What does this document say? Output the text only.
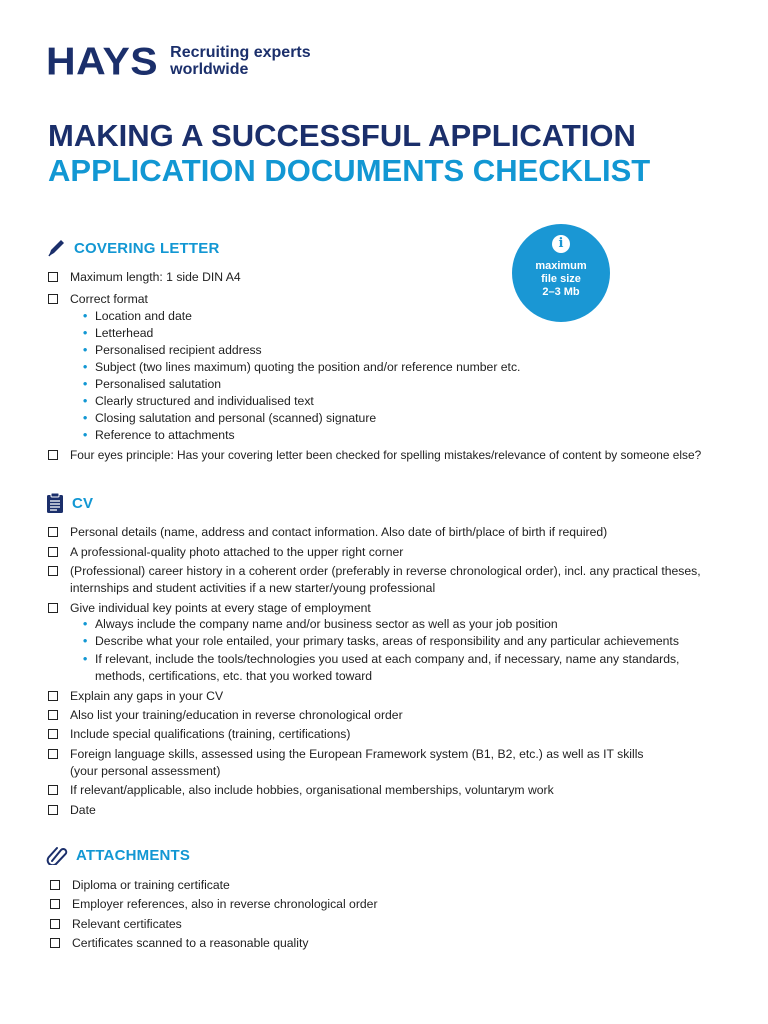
HAYS Recruiting experts
worldwide
MAKING A SUCCESSFUL APPLICATION
APPLICATION DOCUMENTS CHECKLIST
i
maximum
file size
2–3 Mb
COVERING LETTER
Maximum length: 1 side DIN A4
Correct format
• Location and date
• Letterhead
• Personalised recipient address
• Subject (two lines maximum) quoting the position and/or reference number etc.
• Personalised salutation
• Clearly structured and individualised text
• Closing salutation and personal (scanned) signature
• Reference to attachments
Four eyes principle: Has your covering letter been checked for spelling mistakes/relevance of content by someone else?
CV
Personal details (name, address and contact information. Also date of birth/place of birth if required)
A professional-quality photo attached to the upper right corner
(Professional) career history in a coherent order (preferably in reverse chronological order), incl. any practical theses,
internships and student activities if a new starter/young professional
Give individual key points at every stage of employment
• Always include the company name and/or business sector as well as your job position
• Describe what your role entailed, your primary tasks, areas of responsibility and any particular achievements
• If relevant, include the tools/technologies you used at each company and, if necessary, name any standards,
methods, certifications, etc. that you worked toward
Explain any gaps in your CV
Also list your training/education in reverse chronological order
Include special qualifications (training, certifications)
Foreign language skills, assessed using the European Framework system (B1, B2, etc.) as well as IT skills
(your personal assessment)
If relevant/applicable, also include hobbies, organisational memberships, voluntarym work
Date
ATTACHMENTS
Diploma or training certificate
Employer references, also in reverse chronological order
Relevant certificates
Certificates scanned to a reasonable quality
